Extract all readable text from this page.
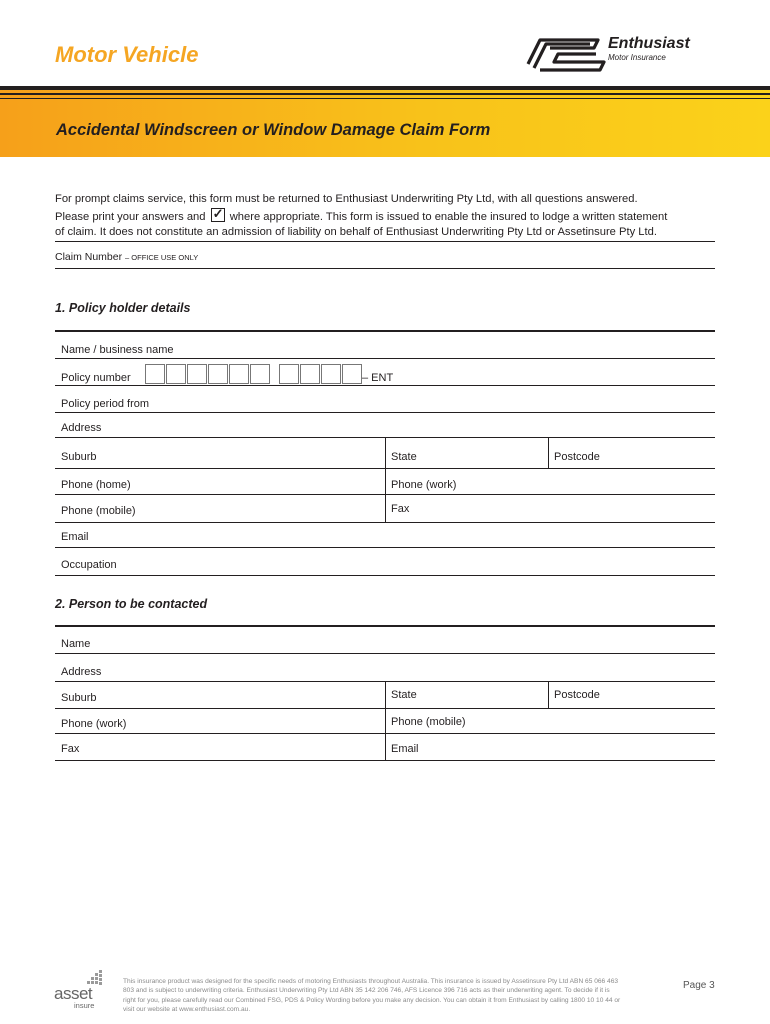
Motor Vehicle	Enthusiast
Motor Insurance
Accidental Windscreen or Window Damage Claim Form
For prompt claims service, this form must be returned to Enthusiast Underwriting Pty Ltd, with all questions answered.
Please print your answers and ✓ where appropriate. This form is issued to enable the insured to lodge a written statement
of claim. It does not constitute an admission of liability on behalf of Enthusiast Underwriting Pty Ltd or Assetinsure Pty Ltd.
Claim Number – OFFICE USE ONLY
1. Policy holder details
Name / business name
Policy number	– ENT
Policy period from
Address
Suburb	State	Postcode
Phone (home)	Phone (work)
Phone (mobile)	Fax
Email
Occupation
2. Person to be contacted
Name
Address
Suburb	State	Postcode
Phone (work)	Phone (mobile)
Fax	Email
asset
insure
This insurance product was designed for the specific needs of motoring Enthusiasts throughout Australia. This insurance is issued by Assetinsure Pty Ltd ABN 65 066 463 803 and is subject to underwriting criteria. Enthusiast Underwriting Pty Ltd ABN 35 142 206 746, AFS Licence 396 716 acts as their underwriting agent. To decide if it is right for you, please carefully read our Combined FSG, PDS & Policy Wording before you make any decision. You can obtain it from Enthusiast by calling 1800 10 10 44 or visit our website at www.enthusiast.com.au.
Page 3
